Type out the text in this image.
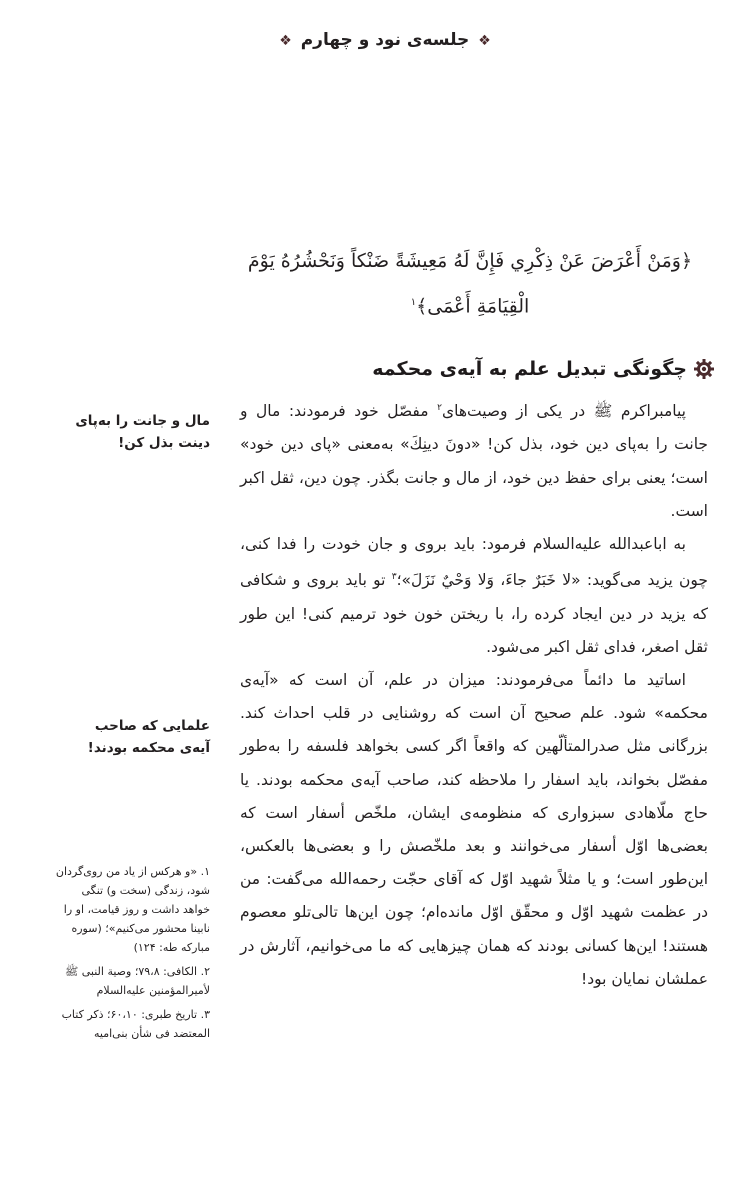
❖ جلسه‌ی نود و چهارم ❖
﴿وَمَنْ أَعْرَضَ عَنْ ذِكْرِي فَإِنَّ لَهُ مَعِيشَةً ضَنْكاً وَنَحْشُرُهُ يَوْمَ
الْقِيَامَةِ أَعْمَى﴾$^۱$
چگونگی تبدیل علم به آیه‌ی محکمه

پیامبراکرم ﷺ در یکی از وصیت‌های$^۲$ مفصّل خود فرمودند: مال و جانت را به‌پای دین خود، بذل کن! «دونَ دینِكَ» به‌معنی «پای دین خود» است؛ یعنی برای حفظ دین خود، از مال و جانت بگذر. چون دین، ثقل اکبر است.

به اباعبدالله علیه‌السلام فرمود: باید بروی و جان خودت را فدا کنی، چون یزید می‌گوید: «لا خَبَرٌ جاءَ، وَلا وَحْيٌ نَزَلَ»؛$^۳$ تو باید بروی و شکافی که یزید در دین ایجاد کرده را، با ریختن خون خود ترمیم کنی! این طور ثقل اصغر، فدای ثقل اکبر می‌شود.

اساتید ما دائماً می‌فرمودند: میزان در علم، آن است که «آیه‌ی محکمه» شود. علم صحیح آن است که روشنایی در قلب احداث کند. بزرگانی مثل صدرالمتألّهین که واقعاً اگر کسی بخواهد فلسفه را به‌طور مفصّل بخواند، باید اسفار را ملاحظه کند، صاحب آیه‌ی محکمه بودند. یا حاج ملّاهادی سبزواری که منظومه‌ی ایشان، ملخّص أسفار است که بعضی‌ها اوّل أسفار می‌خوانند و بعد ملخّصش را و بعضی‌ها بالعکس، این‌طور است؛ و یا مثلاً شهید اوّل که آقای حجّت رحمه‌الله می‌گفت: من در عظمت شهید اوّل و محقّق اوّل مانده‌ام؛ چون این‌ها تالی‌تلو معصوم هستند! این‌ها کسانی بودند که همان چیزهایی که ما می‌خوانیم، آثارش در عملشان نمایان بود!

مال و جانت را به‌پای
دینت بذل کن!
علمایی که صاحب
آیه‌ی محکمه بودند!
۱. «و هرکس از یاد من روی‌گردان شود، زندگی (سخت و) تنگی خواهد داشت و روز قیامت، او را نابینا محشور می‌کنیم»؛ (سوره مبارکه طه: ۱۲۴)
۲. الکافی: ۷۹،۸؛ وصیة النبی ﷺ لأمیرالمؤمنین علیه‌السلام
۳. تاریخ طبری: ۶۰،۱۰؛ ذکر کتاب المعتضد فی شأن بنی‌امیه
